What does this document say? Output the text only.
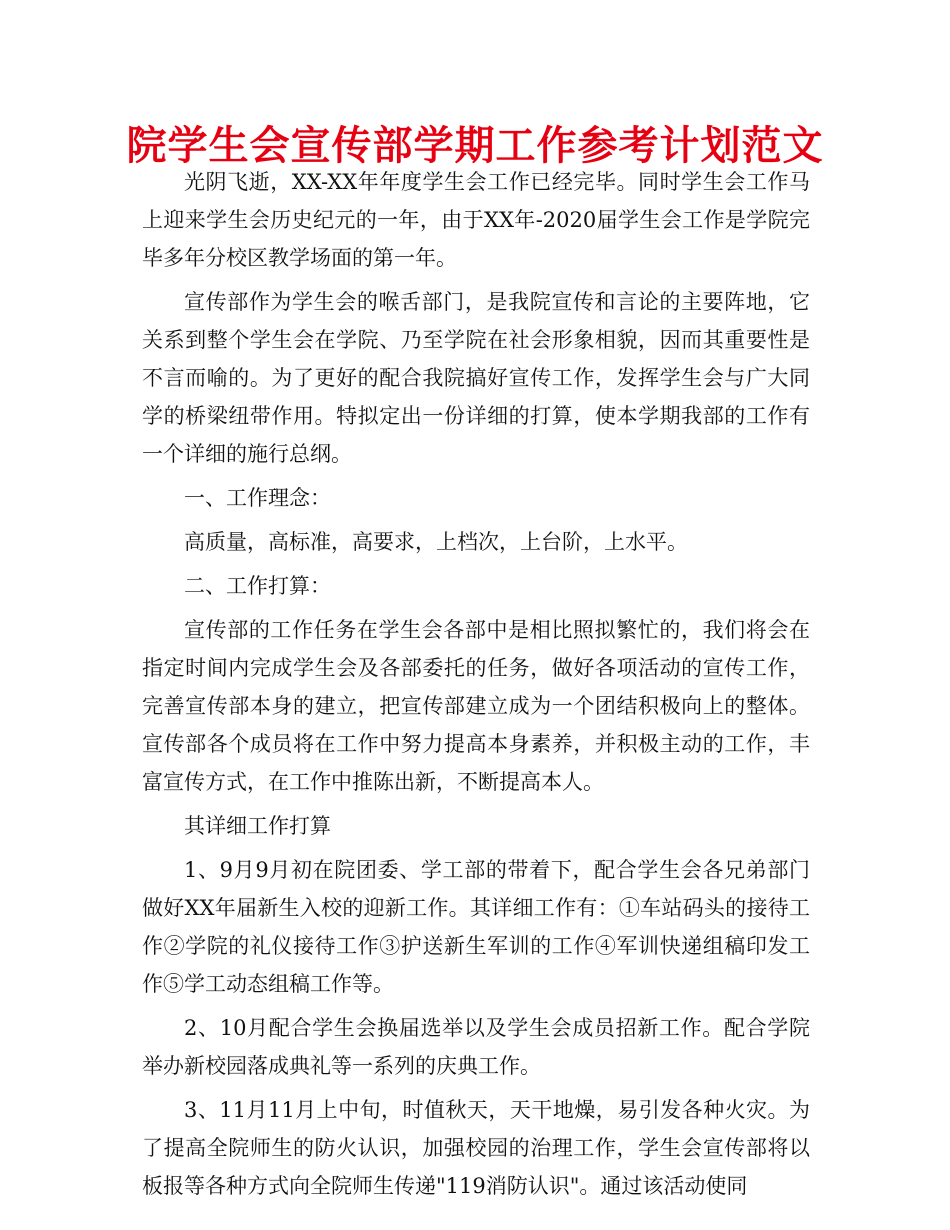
院学生会宣传部学期工作参考计划范文

光阴飞逝，XX-XX年年度学生会工作已经完毕。同时学生会工作马上迎来学生会历史纪元的一年，由于XX年-2020届学生会工作是学院完毕多年分校区教学场面的第一年。

宣传部作为学生会的喉舌部门，是我院宣传和言论的主要阵地，它关系到整个学生会在学院、乃至学院在社会形象相貌，因而其重要性是不言而喻的。为了更好的配合我院搞好宣传工作，发挥学生会与广大同学的桥梁纽带作用。特拟定出一份详细的打算，使本学期我部的工作有一个详细的施行总纲。

一、工作理念：

高质量，高标准，高要求，上档次，上台阶，上水平。

二、工作打算：

宣传部的工作任务在学生会各部中是相比照拟繁忙的，我们将会在指定时间内完成学生会及各部委托的任务，做好各项活动的宣传工作，完善宣传部本身的建立，把宣传部建立成为一个团结积极向上的整体。宣传部各个成员将在工作中努力提高本身素养，并积极主动的工作，丰富宣传方式，在工作中推陈出新，不断提高本人。

其详细工作打算

1、9月9月初在院团委、学工部的带着下，配合学生会各兄弟部门做好XX年届新生入校的迎新工作。其详细工作有：①车站码头的接待工作②学院的礼仪接待工作③护送新生军训的工作④军训快递组稿印发工作⑤学工动态组稿工作等。

2、10月配合学生会换届选举以及学生会成员招新工作。配合学院举办新校园落成典礼等一系列的庆典工作。

3、11月11月上中旬，时值秋天，天干地燥，易引发各种火灾。为了提高全院师生的防火认识，加强校园的治理工作，学生会宣传部将以板报等各种方式向全院师生传递"119消防认识"。通过该活动使同
